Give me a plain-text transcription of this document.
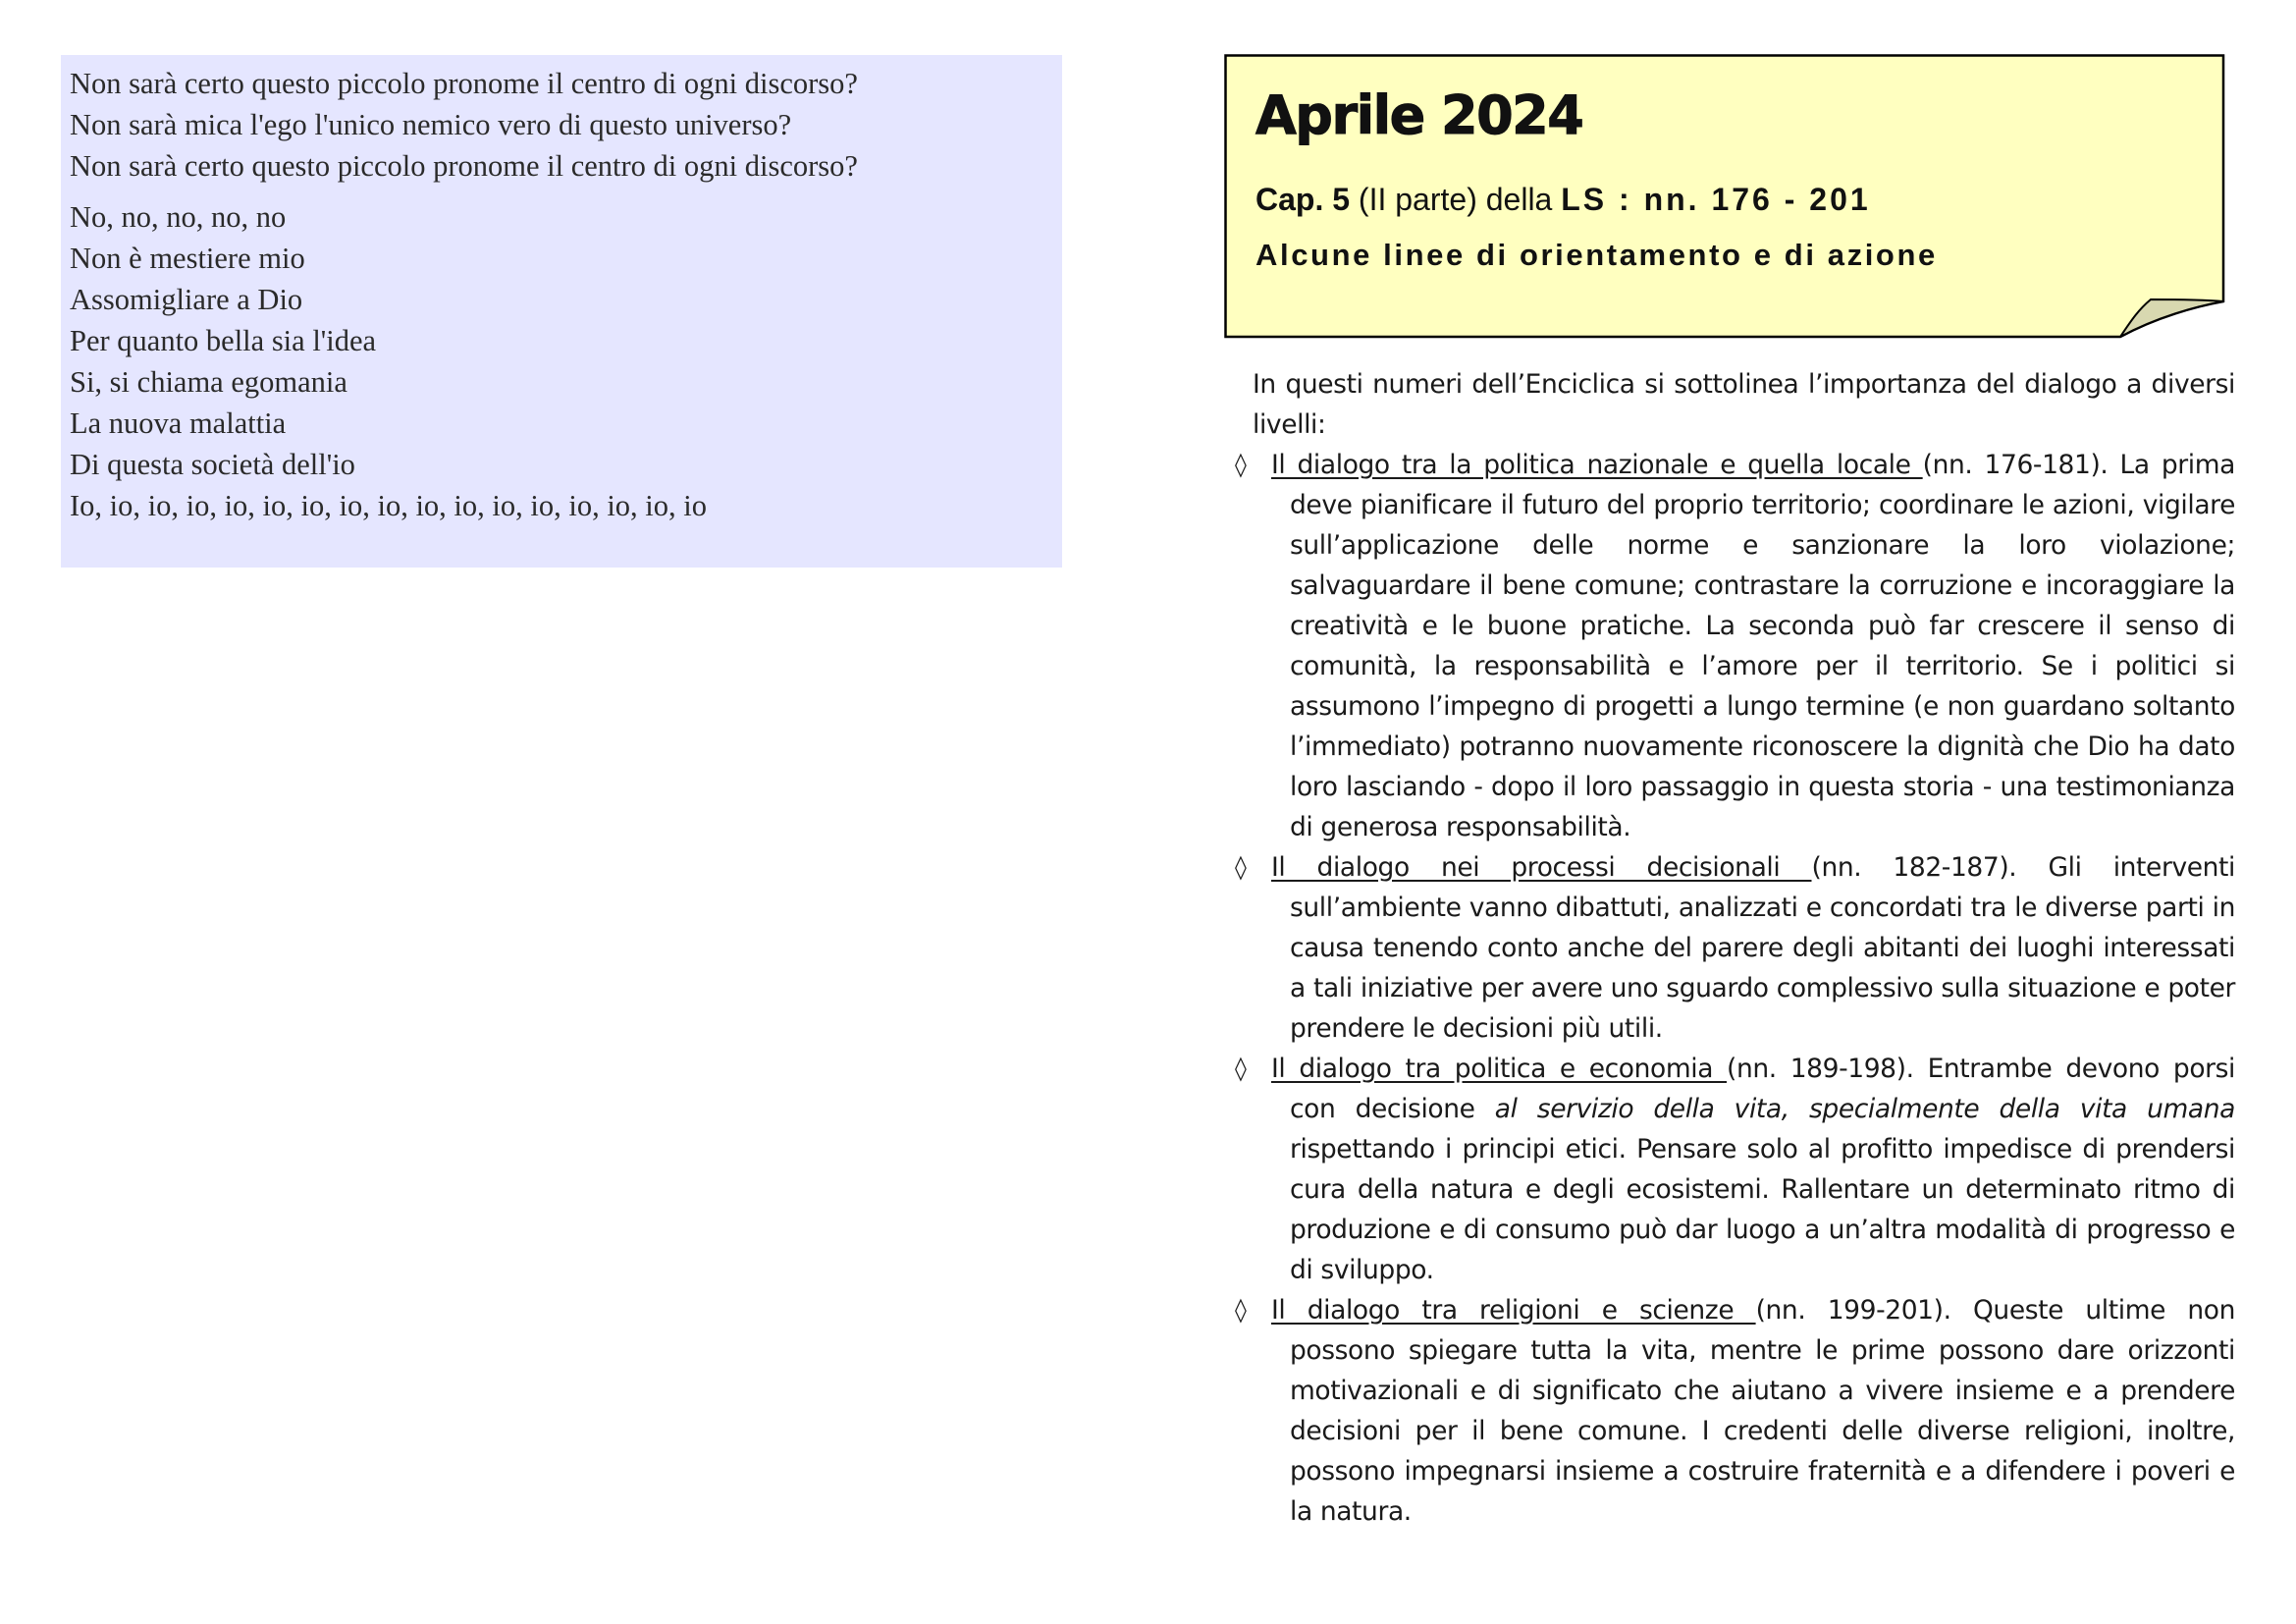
Non sarà certo questo piccolo pronome il centro di ogni discorso?
Non sarà mica l'ego l'unico nemico vero di questo universo?
Non sarà certo questo piccolo pronome il centro di ogni discorso?
No, no, no, no, no
Non è mestiere mio
Assomigliare a Dio
Per quanto bella sia l'idea
Si, si chiama egomania
La nuova malattia
Di questa società dell'io
Io, io, io, io, io, io, io, io, io, io, io, io, io, io, io, io, io
Aprile 2024
Cap. 5 (II parte) della LS : nn. 176 - 201
Alcune linee di orientamento e di azione

In questi numeri dell’Enciclica si sottolinea l’importanza del dialogo a diversi livelli:

◊ Il dialogo tra la politica nazionale e quella locale (nn. 176-181). La prima
deve pianificare il futuro del proprio territorio; coordinare le azioni, vigilare sull’applicazione delle norme e sanzionare la loro violazione; salvaguardare il bene comune; contrastare la corruzione e incoraggiare la creatività e le buone pratiche. La seconda può far crescere il senso di comunità, la responsabilità e l’amore per il territorio. Se i politici si assumono l’impegno di progetti a lungo termine (e non guardano soltanto l’immediato) potranno nuovamente riconoscere la dignità che Dio ha dato loro lasciando - dopo il loro passaggio in questa storia - una testimonianza di generosa responsabilità.
◊ Il dialogo nei processi decisionali (nn. 182-187). Gli interventi
sull’ambiente vanno dibattuti, analizzati e concordati tra le diverse parti in causa tenendo conto anche del parere degli abitanti dei luoghi interessati a tali iniziative per avere uno sguardo complessivo sulla situazione e poter prendere le decisioni più utili.
◊ Il dialogo tra politica e economia (nn. 189-198). Entrambe devono porsi
con decisione al servizio della vita, specialmente della vita umana rispettando i principi etici. Pensare solo al profitto impedisce di prendersi cura della natura e degli ecosistemi. Rallentare un determinato ritmo di produzione e di consumo può dar luogo a un’altra modalità di progresso e di sviluppo.
◊ Il dialogo tra religioni e scienze (nn. 199-201). Queste ultime non
possono spiegare tutta la vita, mentre le prime possono dare orizzonti motivazionali e di significato che aiutano a vivere insieme e a prendere decisioni per il bene comune. I credenti delle diverse religioni, inoltre, possono impegnarsi insieme a costruire fraternità e a difendere i poveri e la natura.
